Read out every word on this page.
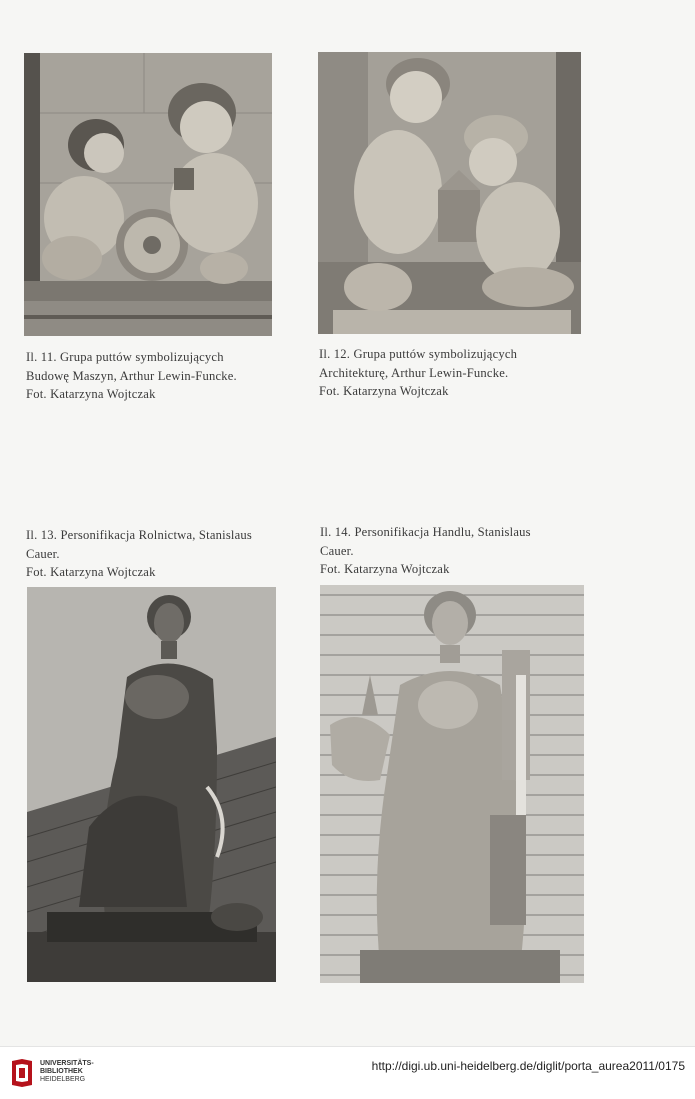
Il. 11. Grupa puttów symbolizujących
Budowę Maszyn, Arthur Lewin-Funcke.
Fot. Katarzyna Wojtczak
Il. 12. Grupa puttów symbolizujących
Architekturę, Arthur Lewin-Funcke.
Fot. Katarzyna Wojtczak
Il. 13. Personifikacja Rolnictwa, Stanislaus
Cauer.
Fot. Katarzyna Wojtczak
Il. 14. Personifikacja Handlu, Stanislaus
Cauer.
Fot. Katarzyna Wojtczak
UNIVERSITÄTS-
BIBLIOTHEK
HEIDELBERG
http://digi.ub.uni-heidelberg.de/diglit/porta_aurea2011/0175
